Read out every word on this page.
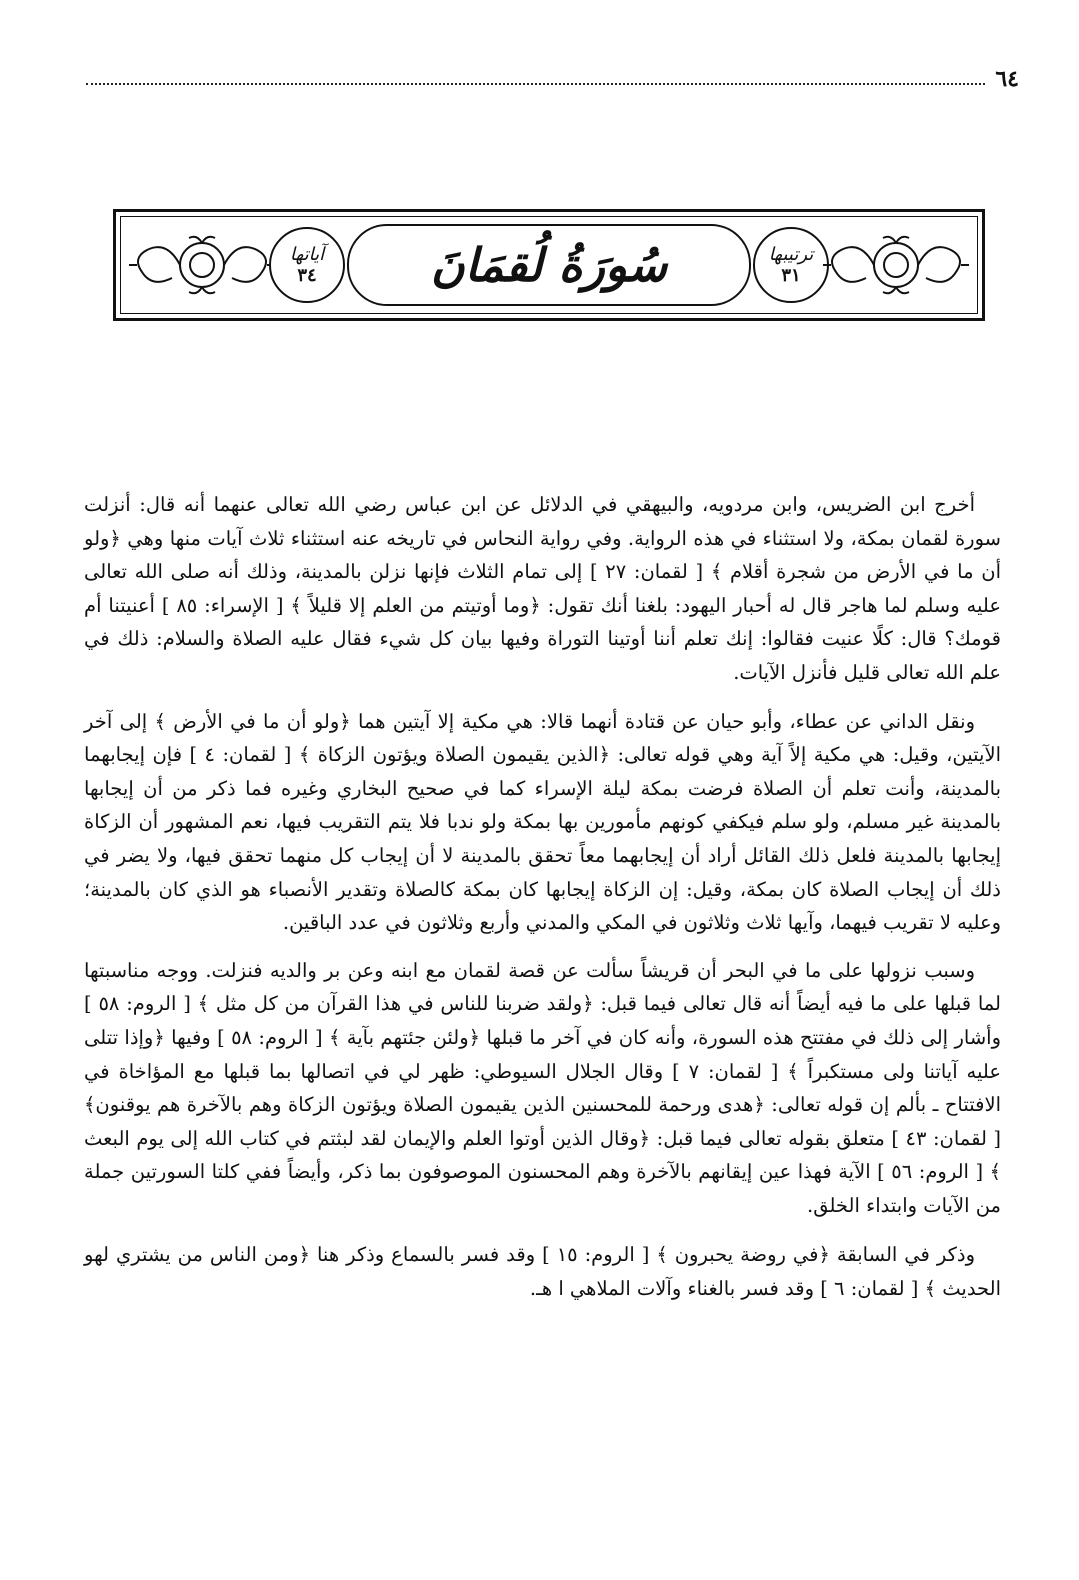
٦٤
آياتها
٣٤ سُورَةُ لُقمَانَ	ترتيبها
٣١

أخرج ابن الضريس، وابن مردويه، والبيهقي في الدلائل عن ابن عباس رضي الله تعالى عنهما أنه قال: أنزلت سورة لقمان بمكة، ولا استثناء في هذه الرواية. وفي رواية النحاس في تاريخه عنه استثناء ثلاث آيات منها وهي ﴿ولو أن ما في الأرض من شجرة أقلام ﴾ [ لقمان: ٢٧ ] إلى تمام الثلاث فإنها نزلن بالمدينة، وذلك أنه صلى الله تعالى عليه وسلم لما هاجر قال له أحبار اليهود: بلغنا أنك تقول: ﴿وما أوتيتم من العلم إلا قليلاً ﴾ [ الإسراء: ٨٥ ] أعنيتنا أم قومك؟ قال: كلًا عنيت فقالوا: إنك تعلم أننا أوتينا التوراة وفيها بيان كل شيء فقال عليه الصلاة والسلام: ذلك في علم الله تعالى قليل فأنزل الآيات.

ونقل الداني عن عطاء، وأبو حيان عن قتادة أنهما قالا: هي مكية إلا آيتين هما ﴿ولو أن ما في الأرض ﴾ إلى آخر الآيتين، وقيل: هي مكية إلاً آية وهي قوله تعالى: ﴿الذين يقيمون الصلاة ويؤتون الزكاة ﴾ [ لقمان: ٤ ] فإن إيجابهما بالمدينة، وأنت تعلم أن الصلاة فرضت بمكة ليلة الإسراء كما في صحيح البخاري وغيره فما ذكر من أن إيجابها بالمدينة غير مسلم، ولو سلم فيكفي كونهم مأمورين بها بمكة ولو ندبا فلا يتم التقريب فيها، نعم المشهور أن الزكاة إيجابها بالمدينة فلعل ذلك القائل أراد أن إيجابهما معاً تحقق بالمدينة لا أن إيجاب كل منهما تحقق فيها، ولا يضر في ذلك أن إيجاب الصلاة كان بمكة، وقيل: إن الزكاة إيجابها كان بمكة كالصلاة وتقدير الأنصباء هو الذي كان بالمدينة؛ وعليه لا تقريب فيهما، وآيها ثلاث وثلاثون في المكي والمدني وأربع وثلاثون في عدد الباقين.

وسبب نزولها على ما في البحر أن قريشاً سألت عن قصة لقمان مع ابنه وعن بر والديه فنزلت. ووجه مناسبتها لما قبلها على ما فيه أيضاً أنه قال تعالى فيما قبل: ﴿ولقد ضربنا للناس في هذا القرآن من كل مثل ﴾ [ الروم: ٥٨ ] وأشار إلى ذلك في مفتتح هذه السورة، وأنه كان في آخر ما قبلها ﴿ولئن جئتهم بآية ﴾ [ الروم: ٥٨ ] وفيها ﴿وإذا تتلى عليه آياتنا ولى مستكبراً ﴾ [ لقمان: ٧ ] وقال الجلال السيوطي: ظهر لي في اتصالها بما قبلها مع المؤاخاة في الافتتاح ـ بألم إن قوله تعالى: ﴿هدى ورحمة للمحسنين الذين يقيمون الصلاة ويؤتون الزكاة وهم بالآخرة هم يوقنون﴾ [ لقمان: ٤٣ ] متعلق بقوله تعالى فيما قبل: ﴿وقال الذين أوتوا العلم والإيمان لقد لبثتم في كتاب الله إلى يوم البعث ﴾ [ الروم: ٥٦ ] الآية فهذا عين إيقانهم بالآخرة وهم المحسنون الموصوفون بما ذكر، وأيضاً ففي كلتا السورتين جملة من الآيات وابتداء الخلق.

وذكر في السابقة ﴿في روضة يحبرون ﴾ [ الروم: ١٥ ] وقد فسر بالسماع وذكر هنا ﴿ومن الناس من يشتري لهو الحديث ﴾ [ لقمان: ٦ ] وقد فسر بالغناء وآلات الملاهي ا هـ.
